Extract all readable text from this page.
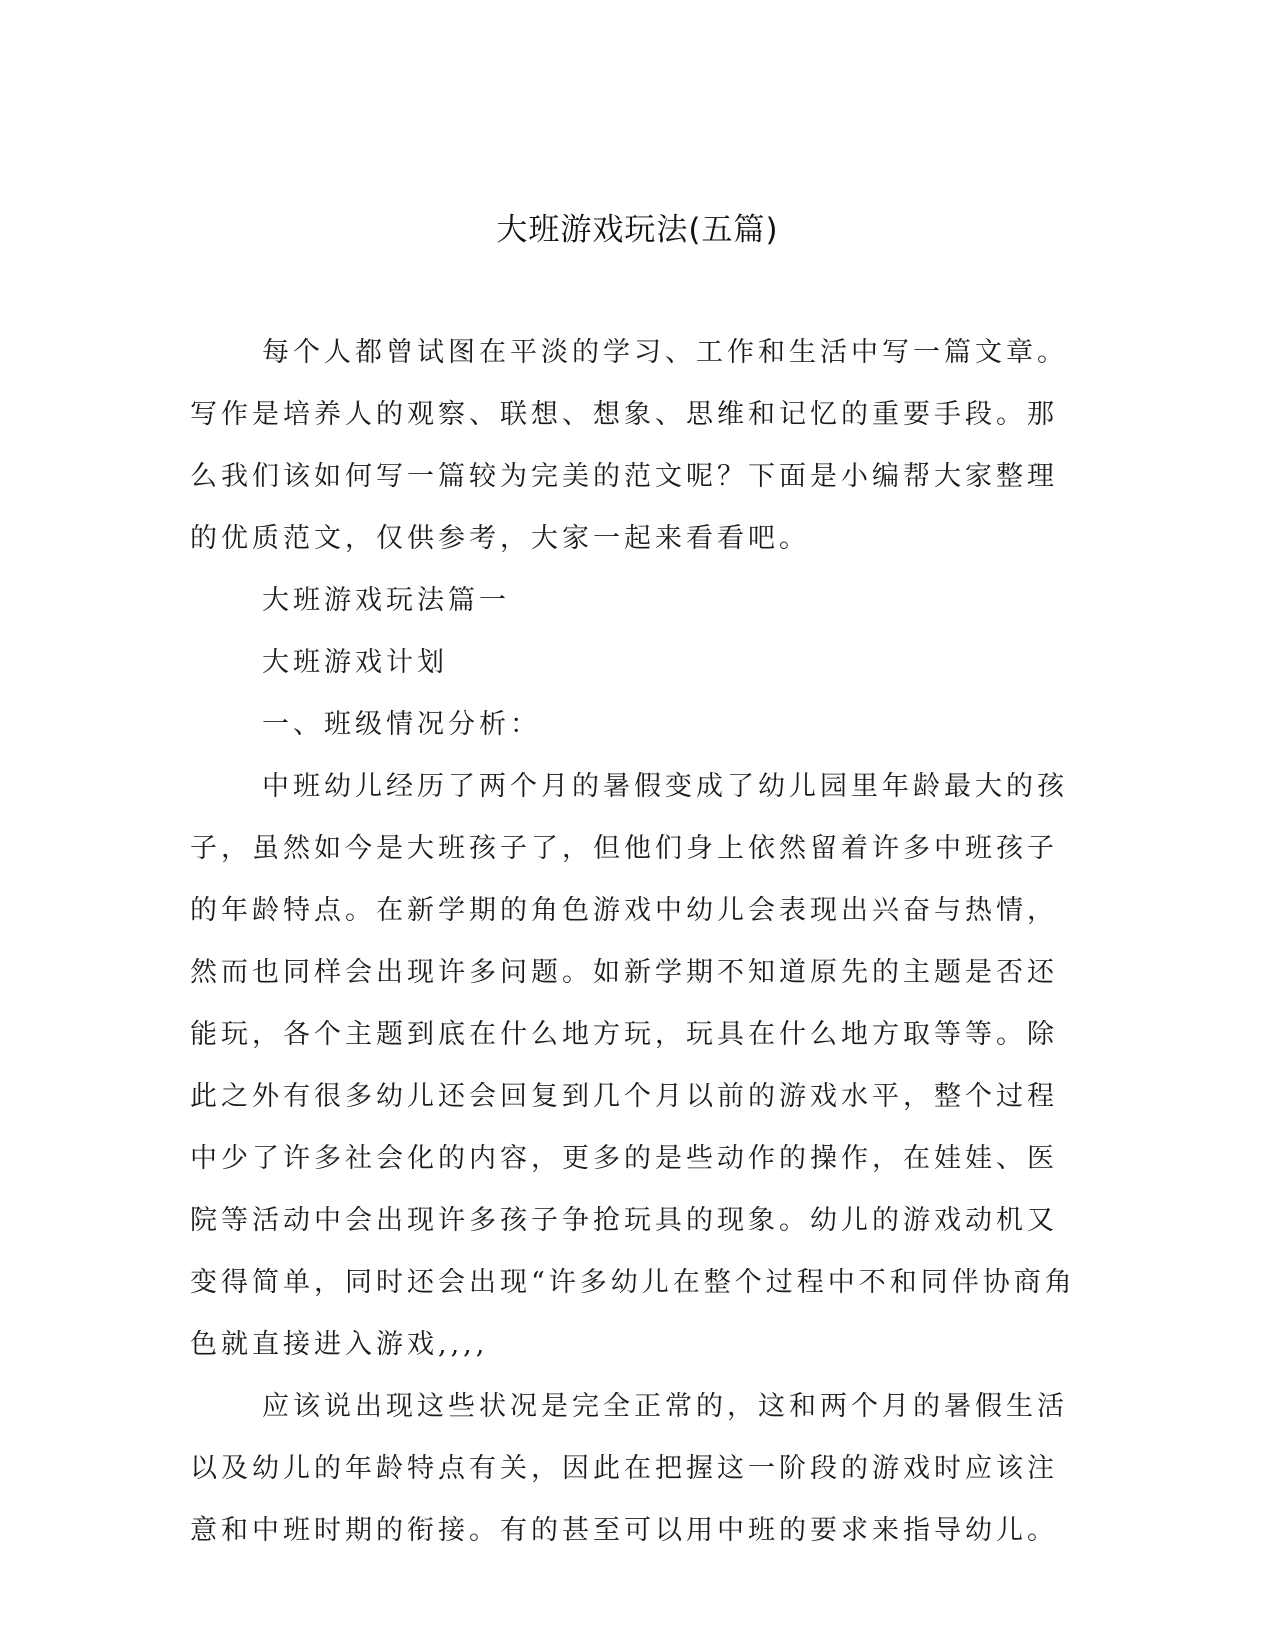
大班游戏玩法(五篇)

每个人都曾试图在平淡的学习、工作和生活中写一篇文章。写作是培养人的观察、联想、想象、思维和记忆的重要手段。那么我们该如何写一篇较为完美的范文呢？下面是小编帮大家整理的优质范文，仅供参考，大家一起来看看吧。

大班游戏玩法篇一

大班游戏计划

一、班级情况分析：

中班幼儿经历了两个月的暑假变成了幼儿园里年龄最大的孩子，虽然如今是大班孩子了，但他们身上依然留着许多中班孩子的年龄特点。在新学期的角色游戏中幼儿会表现出兴奋与热情，然而也同样会出现许多问题。如新学期不知道原先的主题是否还能玩，各个主题到底在什么地方玩，玩具在什么地方取等等。除此之外有很多幼儿还会回复到几个月以前的游戏水平，整个过程中少了许多社会化的内容，更多的是些动作的操作，在娃娃、医院等活动中会出现许多孩子争抢玩具的现象。幼儿的游戏动机又变得简单，同时还会出现“许多幼儿在整个过程中不和同伴协商角色就直接进入游戏,,,,

应该说出现这些状况是完全正常的，这和两个月的暑假生活以及幼儿的年龄特点有关，因此在把握这一阶段的游戏时应该注意和中班时期的衔接。有的甚至可以用中班的要求来指导幼儿。
